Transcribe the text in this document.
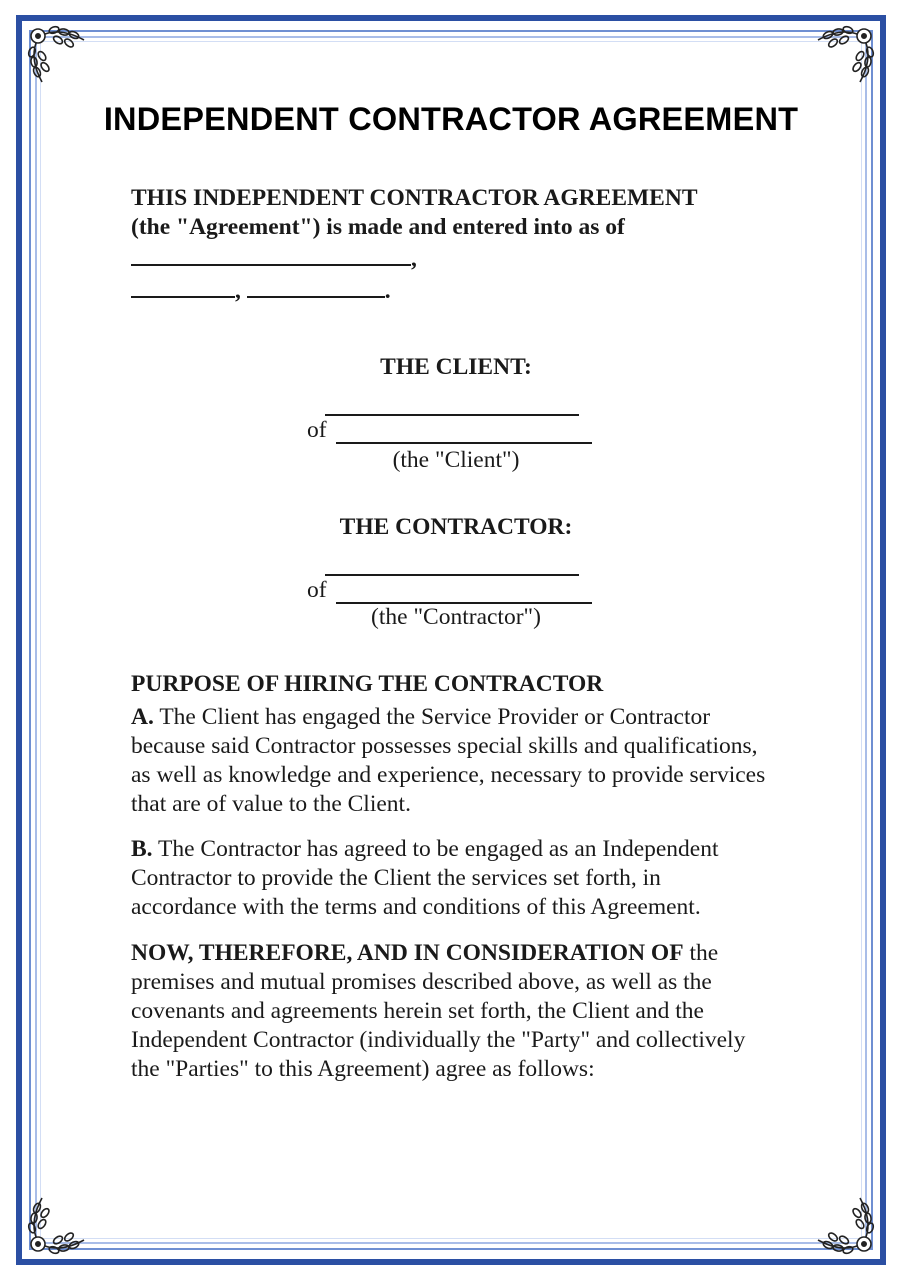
INDEPENDENT CONTRACTOR AGREEMENT

THIS INDEPENDENT CONTRACTOR AGREEMENT (the "Agreement") is made and entered into as of ,
,	.

THE CLIENT:
of
(the "Client")
THE CONTRACTOR:
of
(the "Contractor")
PURPOSE OF HIRING THE CONTRACTOR

A. The Client has engaged the Service Provider or Contractor because said Contractor possesses special skills and qualifications, as well as knowledge and experience, necessary to provide services that are of value to the Client.

B. The Contractor has agreed to be engaged as an Independent Contractor to provide the Client the services set forth, in accordance with the terms and conditions of this Agreement.

NOW, THEREFORE, AND IN CONSIDERATION OF the premises and mutual promises described above, as well as the covenants and agreements herein set forth, the Client and the Independent Contractor (individually the "Party" and collectively the "Parties" to this Agreement) agree as follows:
